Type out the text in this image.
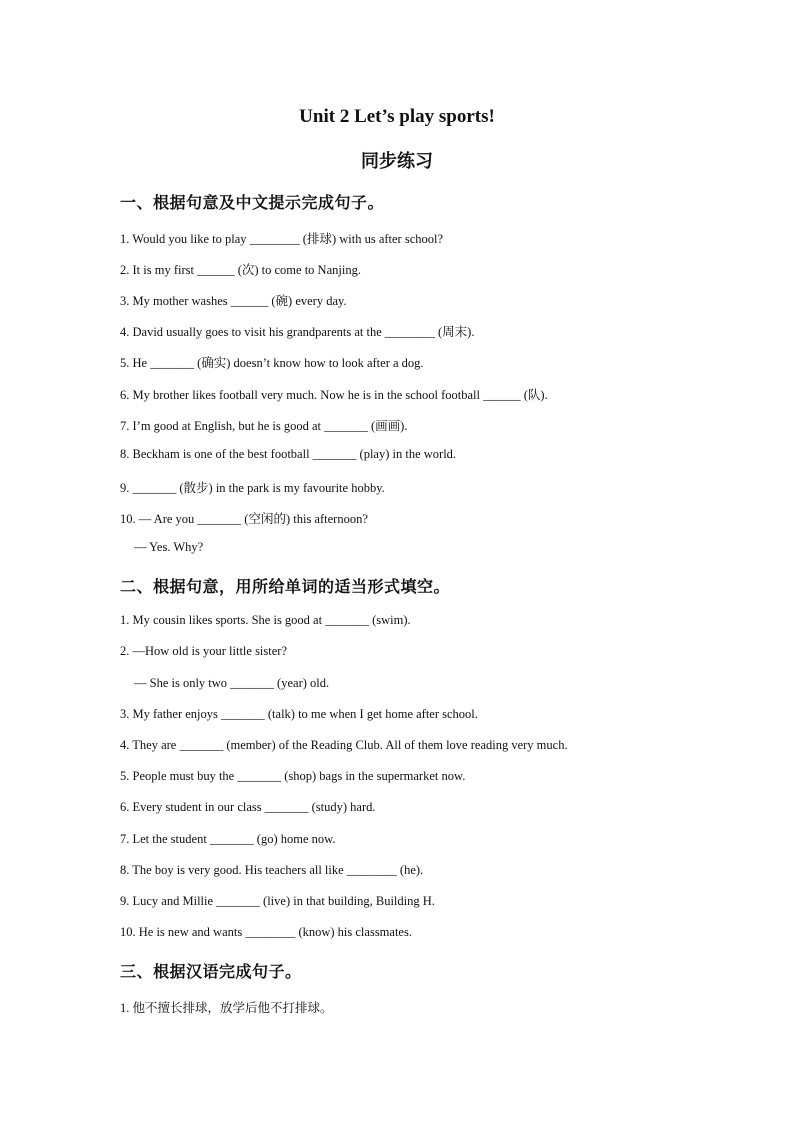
Unit 2 Let’s play sports!
同步练习
一、根据句意及中文提示完成句子。
1. Would you like to play ________ (排球) with us after school?
2. It is my first ______ (次) to come to Nanjing.
3. My mother washes ______ (碗) every day.
4. David usually goes to visit his grandparents at the ________ (周末).
5. He _______ (确实) doesn’t know how to look after a dog.
6. My brother likes football very much. Now he is in the school football ______ (队).
7. I’m good at English, but he is good at _______ (画画).
8. Beckham is one of the best football _______ (play) in the world.
9. _______ (散步) in the park is my favourite hobby.
10. — Are you _______ (空闲的) this afternoon?
— Yes. Why?
二、根据句意，用所给单词的适当形式填空。
1. My cousin likes sports. She is good at _______ (swim).
2. —How old is your little sister?
— She is only two _______ (year) old.
3. My father enjoys _______ (talk) to me when I get home after school.
4. They are _______ (member) of the Reading Club. All of them love reading very much.
5. People must buy the _______ (shop) bags in the supermarket now.
6. Every student in our class _______ (study) hard.
7. Let the student _______ (go) home now.
8. The boy is very good. His teachers all like ________ (he).
9. Lucy and Millie _______ (live) in that building, Building H.
10. He is new and wants ________ (know) his classmates.
三、根据汉语完成句子。
1. 他不擅长排球，放学后他不打排球。
